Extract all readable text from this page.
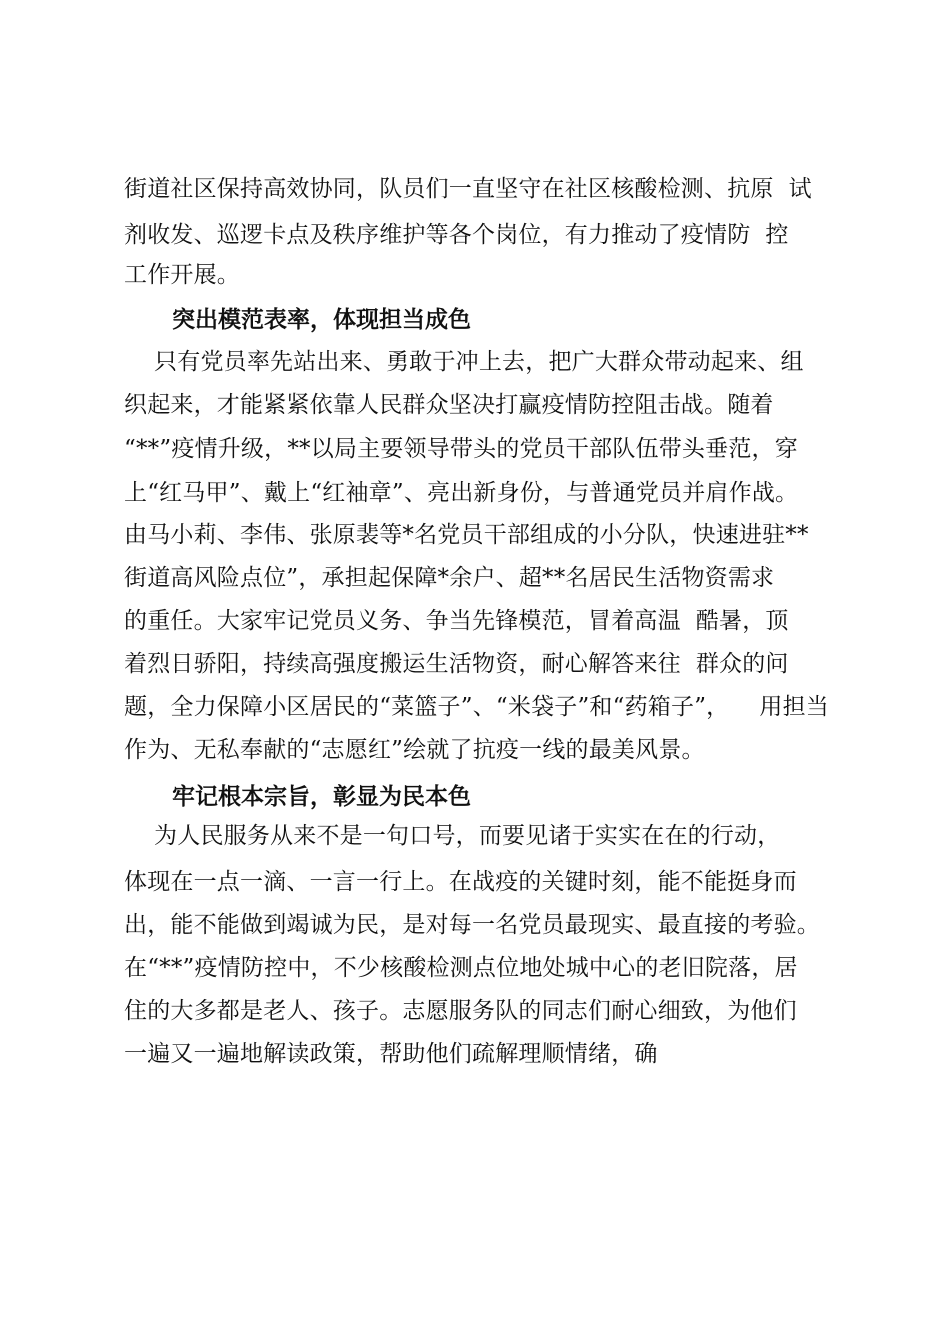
街道社区保持高效协同，队员们一直坚守在社区核酸检测、抗原  试
剂收发、巡逻卡点及秩序维护等各个岗位，有力推动了疫情防  控
工作开展。
突出模范表率，体现担当成色
只有党员率先站出来、勇敢于冲上去，把广大群众带动起来、组
织起来，才能紧紧依靠人民群众坚决打赢疫情防控阻击战。随着
“**”疫情升级，**以局主要领导带头的党员干部队伍带头垂范，穿
上“红马甲”、戴上“红袖章”、亮出新身份，与普通党员并肩作战。
由马小莉、李伟、张原裴等*名党员干部组成的小分队，快速进驻**
街道高风险点位”，承担起保障*余户、超**名居民生活物资需求
的重任。大家牢记党员义务、争当先锋模范，冒着高温  酷暑，顶
着烈日骄阳，持续高强度搬运生活物资，耐心解答来往  群众的问
题，全力保障小区居民的“菜篮子”、“米袋子”和“药箱子”，    用担当
作为、无私奉献的“志愿红”绘就了抗疫一线的最美风景。
牢记根本宗旨，彰显为民本色
为人民服务从来不是一句口号，而要见诸于实实在在的行动，
体现在一点一滴、一言一行上。在战疫的关键时刻，能不能挺身而
出，能不能做到竭诚为民，是对每一名党员最现实、最直接的考验。
在“**”疫情防控中，不少核酸检测点位地处城中心的老旧院落，居
住的大多都是老人、孩子。志愿服务队的同志们耐心细致，为他们
一遍又一遍地解读政策，帮助他们疏解理顺情绪，确
